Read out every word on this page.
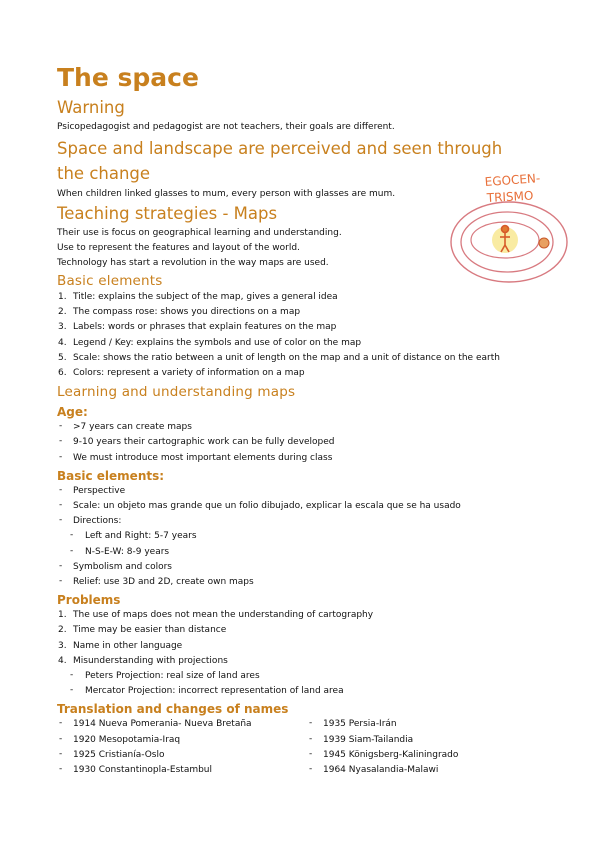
The space
Warning

Psicopedagogist and pedagogist are not teachers, their goals are different.

Space and landscape are perceived and seen through
the change

When children linked glasses to mum, every person with glasses are mum.

Teaching strategies - Maps

Their use is focus on geographical learning and understanding.

Use to represent the features and layout of the world.

Technology has start a revolution in the way maps are used.

Basic elements
1. Title: explains the subject of the map, gives a general idea
2. The compass rose: shows you directions on a map
3. Labels: words or phrases that explain features on the map
4. Legend / Key: explains the symbols and use of color on the map
5. Scale: shows the ratio between a unit of length on the map and a unit of distance on the earth
6. Colors: represent a variety of information on a map
Learning and understanding maps
Age:
- >7 years can create maps
- 9-10 years their cartographic work can be fully developed
- We must introduce most important elements during class
Basic elements:
- Perspective
- Scale: un objeto mas grande que un folio dibujado, explicar la escala que se ha usado
- Directions:
- Left and Right: 5-7 years
- N-S-E-W: 8-9 years
- Symbolism and colors
- Relief: use 3D and 2D, create own maps
Problems
1. The use of maps does not mean the understanding of cartography
2. Time may be easier than distance
3. Name in other language
4. Misunderstanding with projections
- Peters Projection: real size of land ares
- Mercator Projection: incorrect representation of land area
Translation and changes of names
- 1914 Nueva Pomerania- Nueva Bretaña
- 1920 Mesopotamia-Iraq
- 1925 Cristianía-Oslo
- 1930 Constantinopla-Estambul
- 1935 Persia-Irán
- 1939 Siam-Tailandia
- 1945 Königsberg-Kaliningrado
- 1964 Nyasalandia-Malawi
EGOCEN-
TRISMO
